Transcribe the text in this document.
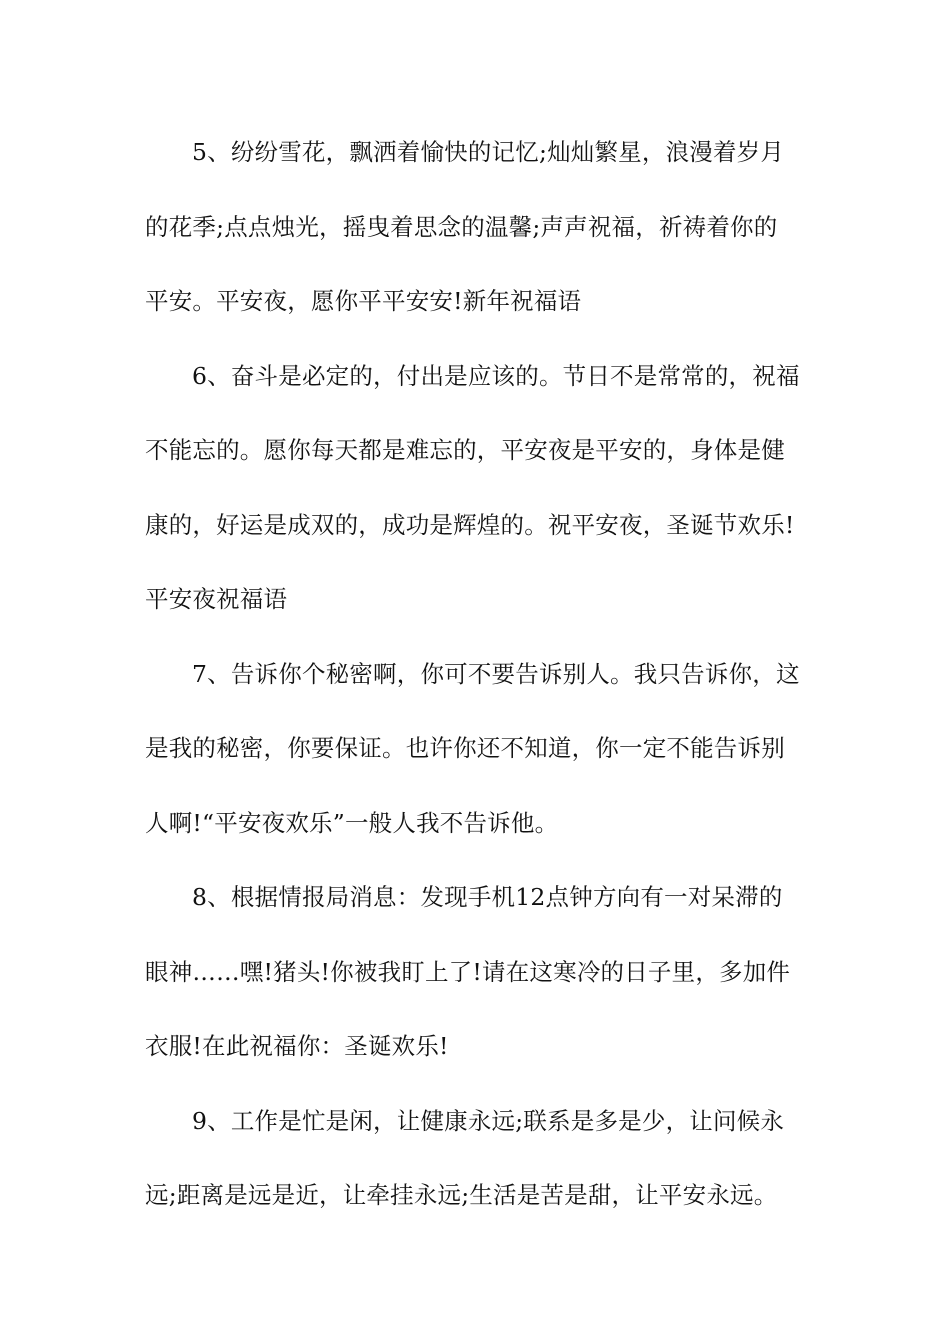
5、纷纷雪花，飘洒着愉快的记忆;灿灿繁星，浪漫着岁月
的花季;点点烛光，摇曳着思念的温馨;声声祝福，祈祷着你的
平安。平安夜，愿你平平安安!新年祝福语

6、奋斗是必定的，付出是应该的。节日不是常常的，祝福
不能忘的。愿你每天都是难忘的，平安夜是平安的，身体是健
康的，好运是成双的，成功是辉煌的。祝平安夜，圣诞节欢乐!
平安夜祝福语

7、告诉你个秘密啊，你可不要告诉别人。我只告诉你，这
是我的秘密，你要保证。也许你还不知道，你一定不能告诉别
人啊!“平安夜欢乐”一般人我不告诉他。

8、根据情报局消息：发现手机12点钟方向有一对呆滞的
眼神……嘿!猪头!你被我盯上了!请在这寒冷的日子里，多加件
衣服!在此祝福你：圣诞欢乐!

9、工作是忙是闲，让健康永远;联系是多是少，让问候永
远;距离是远是近，让牵挂永远;生活是苦是甜，让平安永远。
